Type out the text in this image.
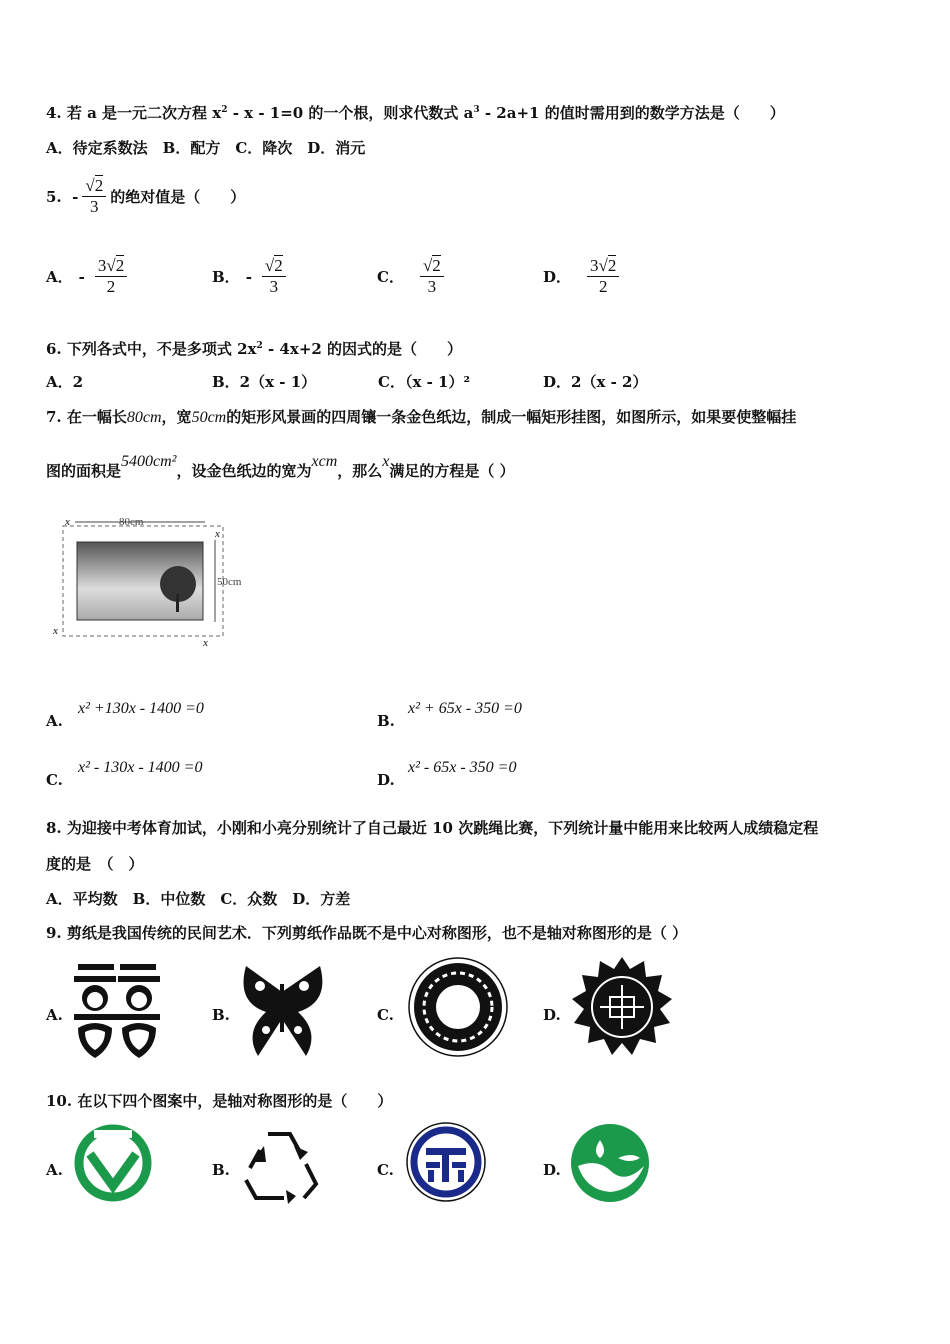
4. 若 a 是一元二次方程 $x^2 - x - 1=0$ 的一个根，则求代数式 $a^3 - 2a+1$ 的值时需用到的数学方法是（　　）
A．待定系数法　B．配方　C．降次　D．消元
5.
- $\frac{√2}{3}$ 的绝对值是（　　）
A． - $\frac{3√2}{2}$	B． - $\frac{√2}{3}$	C． $\frac{√2}{3}$	D． $\frac{3√2}{2}$
6. 下列各式中，不是多项式 $2x^2 - 4x+2$ 的因式的是（　　）
A．2	B．2（x - 1）	C．（x - 1）²	D．2（x - 2）
7. 在一幅长80cm，宽50cm的矩形风景画的四周镶一条金色纸边，制成一幅矩形挂图，如图所示，如果要使整幅挂
图的面积是5400cm²，设金色纸边的宽为xcm，那么x满足的方程是（ ）
80cm
50cm
x
x
x
x
A.
x² +130x - 1400 =0
B.
x² + 65x - 350 =0
C.
x² - 130x - 1400 =0
D.
x² - 65x - 350 =0
8. 为迎接中考体育加试，小刚和小亮分别统计了自己最近 10 次跳绳比赛，下列统计量中能用来比较两人成绩稳定程
度的是　（　）
A．平均数　B．中位数　C．众数　D．方差
9. 剪纸是我国传统的民间艺术．下列剪纸作品既不是中心对称图形，也不是轴对称图形的是（ ）
A.	B.	C.	D.
10. 在以下四个图案中，是轴对称图形的是（　　）
A.	B.	C.	D.
